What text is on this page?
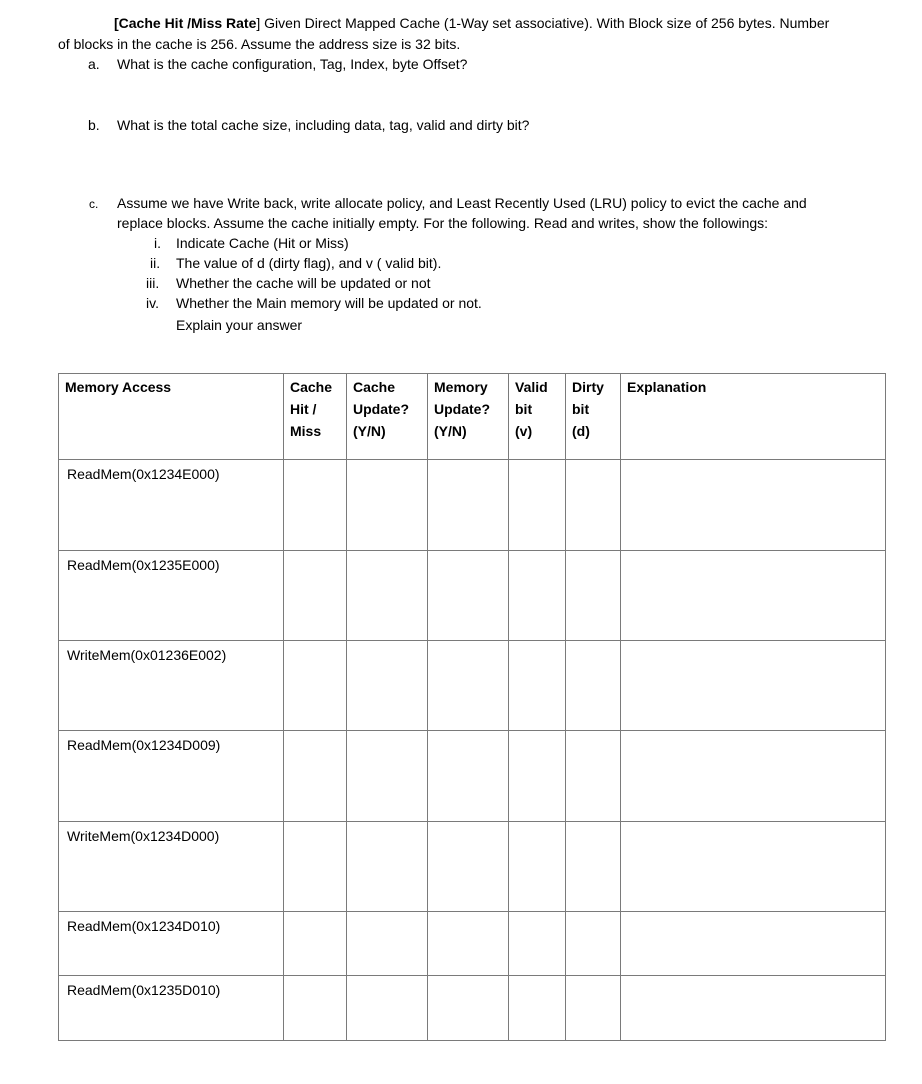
[Cache Hit /Miss Rate] Given Direct Mapped Cache (1-Way set associative). With Block size of 256 bytes. Number
of blocks in the cache is 256. Assume the address size is 32 bits.
a. What is the cache configuration, Tag, Index, byte Offset?
b. What is the total cache size, including data, tag, valid and dirty bit?
c. Assume we have Write back, write allocate policy, and Least Recently Used (LRU) policy to evict the cache and
replace blocks. Assume the cache initially empty. For the following. Read and writes, show the followings:
i. Indicate Cache (Hit or Miss)
ii. The value of d (dirty flag), and v ( valid bit).
iii. Whether the cache will be updated or not
iv. Whether the Main memory will be updated or not.
Explain your answer
Memory Access	Cache
Hit /
Miss	Cache
Update?
(Y/N)	Memory
Update?
(Y/N)	Valid
bit
(v)	Dirty
bit
(d)	Explanation

ReadMem(0x1234E000)						
ReadMem(0x1235E000)						
WriteMem(0x01236E002)						
ReadMem(0x1234D009)						
WriteMem(0x1234D000)						
ReadMem(0x1234D010)						
ReadMem(0x1235D010)						
